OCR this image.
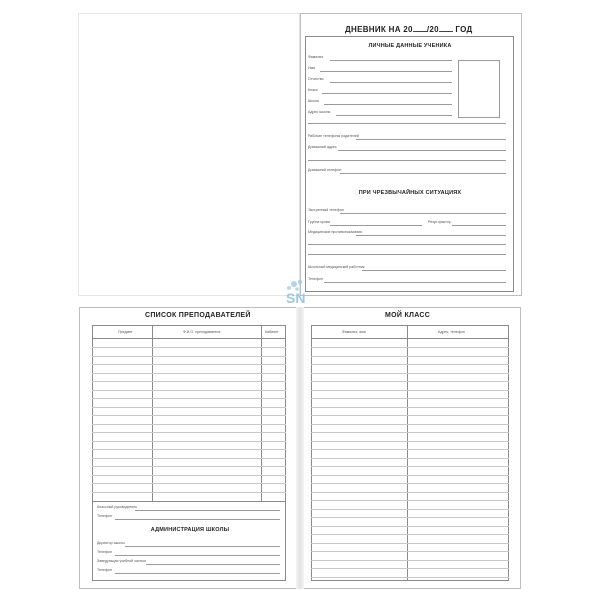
ДНЕВНИК НА 20 /20 ГОД
ЛИЧНЫЕ ДАННЫЕ УЧЕНИКА
Фамилия
Имя
Отчество
Класс
Школа
Адрес школы
Рабочие телефоны родителей
Домашний адрес
Домашний телефон
ПРИ ЧРЕЗВЫЧАЙНЫХ СИТУАЦИЯХ
Экстренный телефон
Группа крови	Резус-фактор
Медицинские противопоказания
Школьный медицинский работник
Телефон
SN
СПИСОК ПРЕПОДАВАТЕЛЕЙ
Предмет	Ф.И.О. преподавателя	Кабинет
Классный руководитель
Телефон
АДМИНИСТРАЦИЯ ШКОЛЫ
Директор школы
Телефон
Заведующая учебной частью
Телефон
МОЙ КЛАСС
Фамилия, имя	Адрес, телефон
